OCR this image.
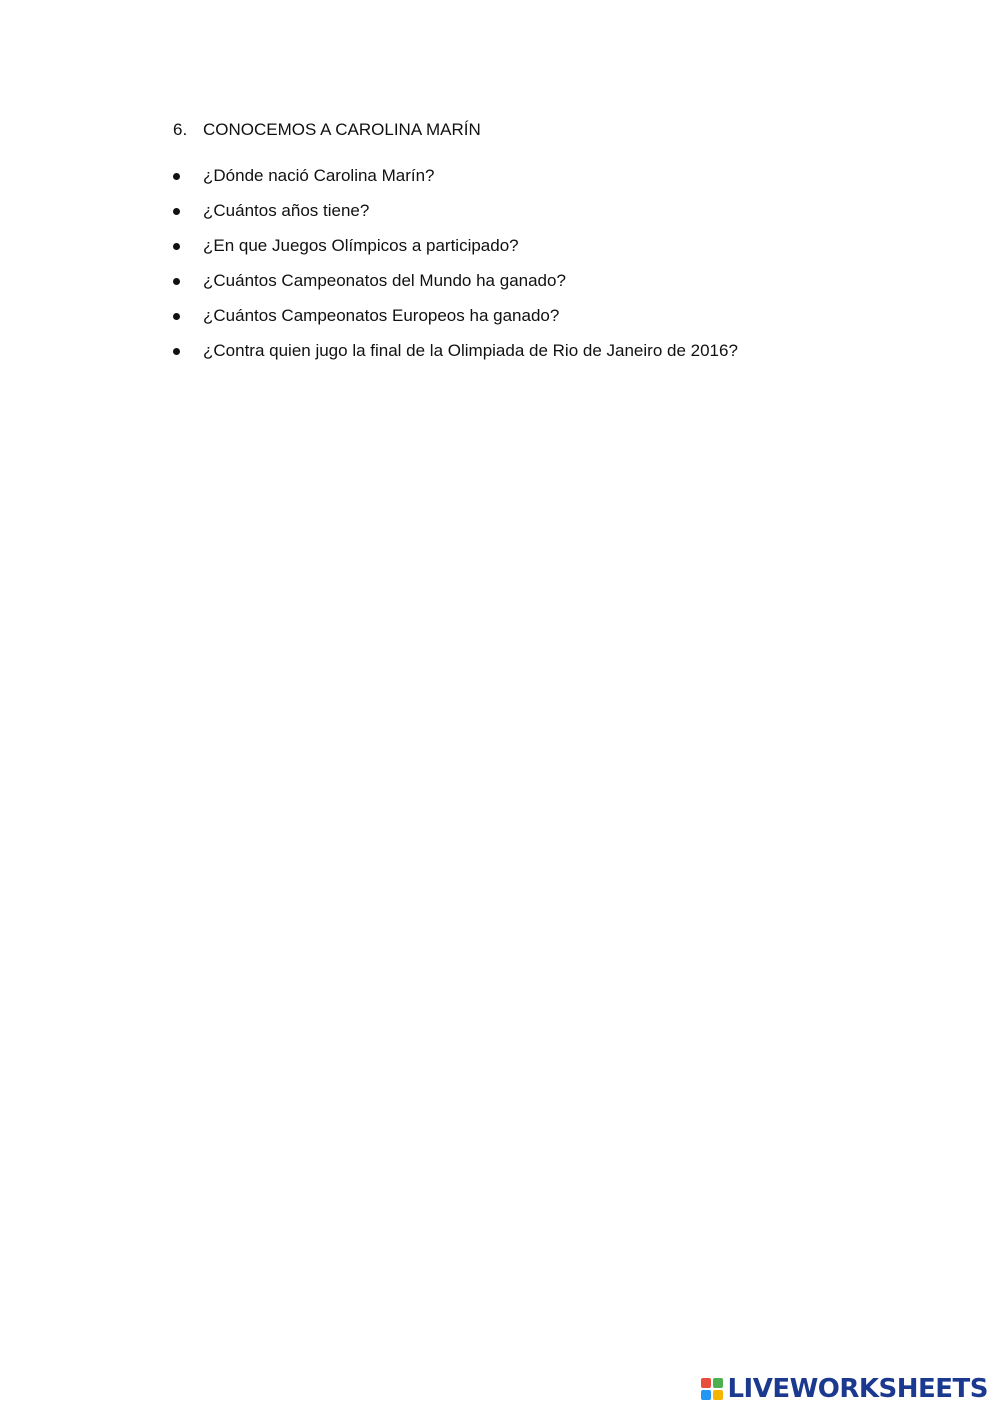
6. CONOCEMOS A CAROLINA MARÍN
¿Dónde nació Carolina Marín?
¿Cuántos años tiene?
¿En que Juegos Olímpicos a participado?
¿Cuántos Campeonatos del Mundo ha ganado?
¿Cuántos Campeonatos Europeos ha ganado?
¿Contra quien jugo la final de la Olimpiada de Rio de Janeiro de 2016?
LIVEWORKSHEETS
